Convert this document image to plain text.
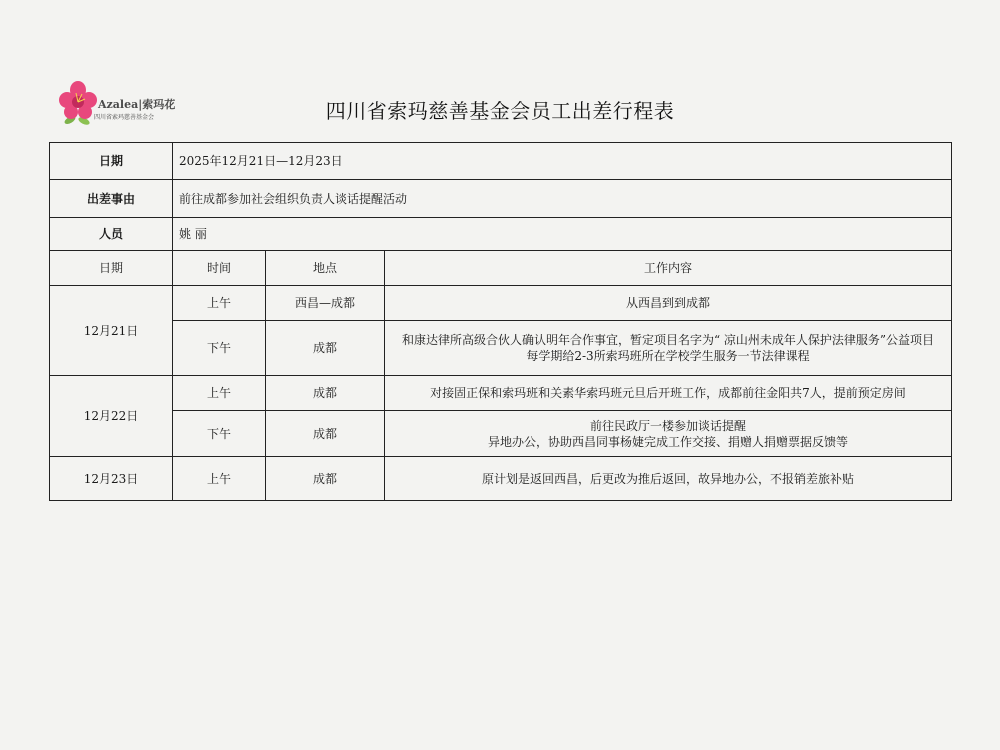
Azalea|索玛花
四川省索玛慈善基金会	四川省索玛慈善基金会员工出差行程表
日期	2025年12月21日—12月23日		
出差事由	前往成都参加社会组织负责人谈话提醒活动		
人员	姚 丽		
日期	时间	地点	工作内容
12月21日	上午	西昌—成都	从西昌到到成都

	下午	成都	和康达律所高级合伙人确认明年合作事宜，暂定项目名字为“ 凉山州未成年人保护法律服务”公益项目
每学期给2-3所索玛班所在学校学生服务一节法律课程

12月22日	上午	成都	对接固正保和索玛班和关素华索玛班元旦后开班工作，成都前往金阳共7人，提前预定房间

	下午	成都	前往民政厅一楼参加谈话提醒
异地办公，协助西昌同事杨婕完成工作交接、捐赠人捐赠票据反馈等

12月23日	上午	成都	原计划是返回西昌，后更改为推后返回，故异地办公，不报销差旅补贴
